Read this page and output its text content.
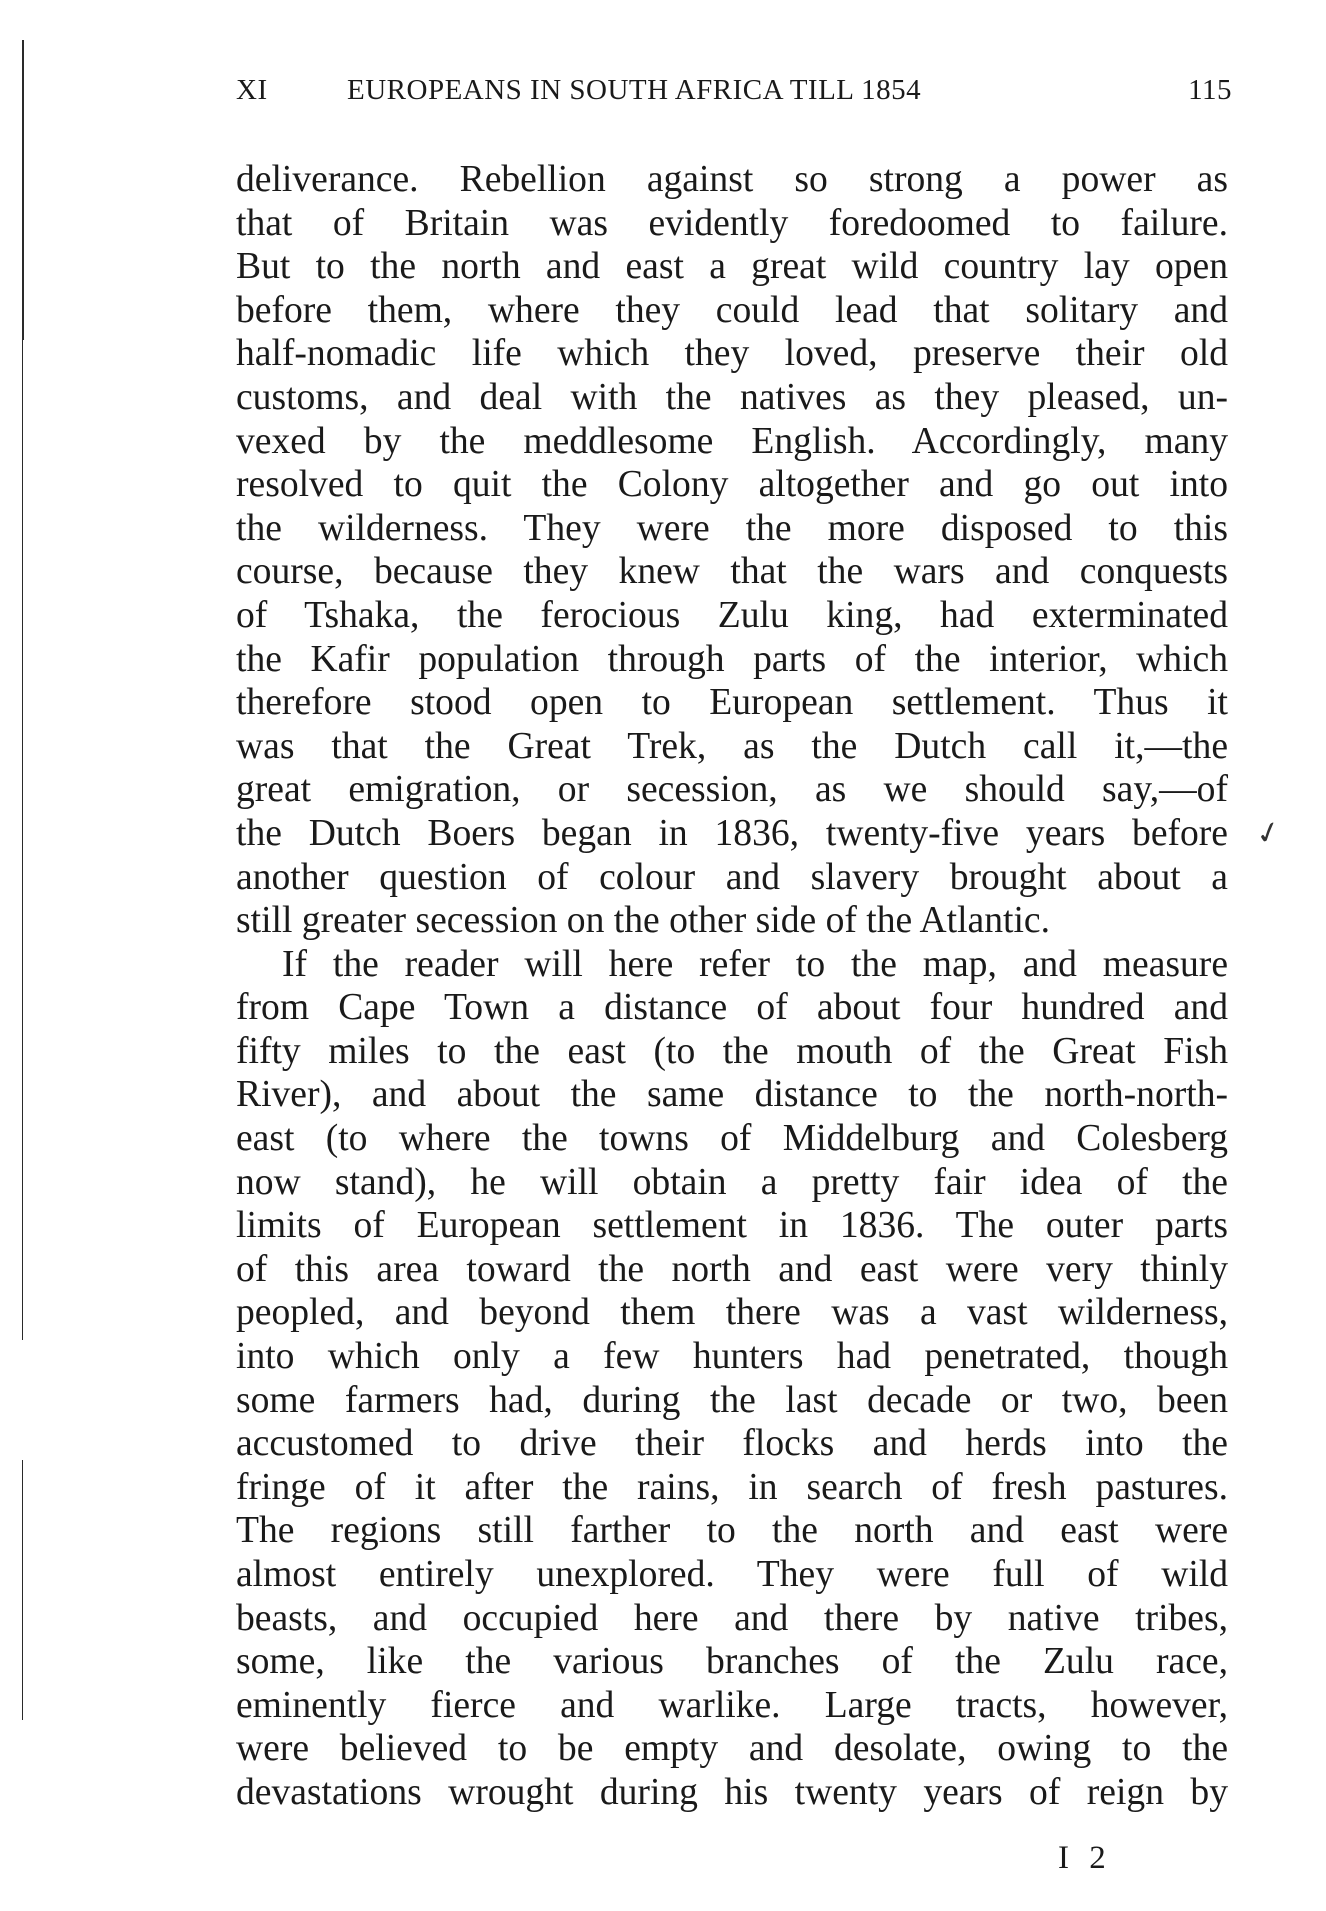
XI	EUROPEANS IN SOUTH AFRICA TILL 1854	115
deliverance. Rebellion against so strong a power as
that of Britain was evidently foredoomed to failure.
But to the north and east a great wild country lay open
before them, where they could lead that solitary and
half-nomadic life which they loved, preserve their old
customs, and deal with the natives as they pleased, un-
vexed by the meddlesome English. Accordingly, many
resolved to quit the Colony altogether and go out into
the wilderness. They were the more disposed to this
course, because they knew that the wars and conquests
of Tshaka, the ferocious Zulu king, had exterminated
the Kafir population through parts of the interior, which
therefore stood open to European settlement. Thus it
was that the Great Trek, as the Dutch call it,—the
great emigration, or secession, as we should say,—of
the Dutch Boers began in 1836, twenty-five years before
another question of colour and slavery brought about a
still greater secession on the other side of the Atlantic.
If the reader will here refer to the map, and measure
from Cape Town a distance of about four hundred and
fifty miles to the east (to the mouth of the Great Fish
River), and about the same distance to the north-north-
east (to where the towns of Middelburg and Colesberg
now stand), he will obtain a pretty fair idea of the
limits of European settlement in 1836. The outer parts
of this area toward the north and east were very thinly
peopled, and beyond them there was a vast wilderness,
into which only a few hunters had penetrated, though
some farmers had, during the last decade or two, been
accustomed to drive their flocks and herds into the
fringe of it after the rains, in search of fresh pastures.
The regions still farther to the north and east were
almost entirely unexplored. They were full of wild
beasts, and occupied here and there by native tribes,
some, like the various branches of the Zulu race,
eminently fierce and warlike. Large tracts, however,
were believed to be empty and desolate, owing to the
devastations wrought during his twenty years of reign by
✓
I 2
